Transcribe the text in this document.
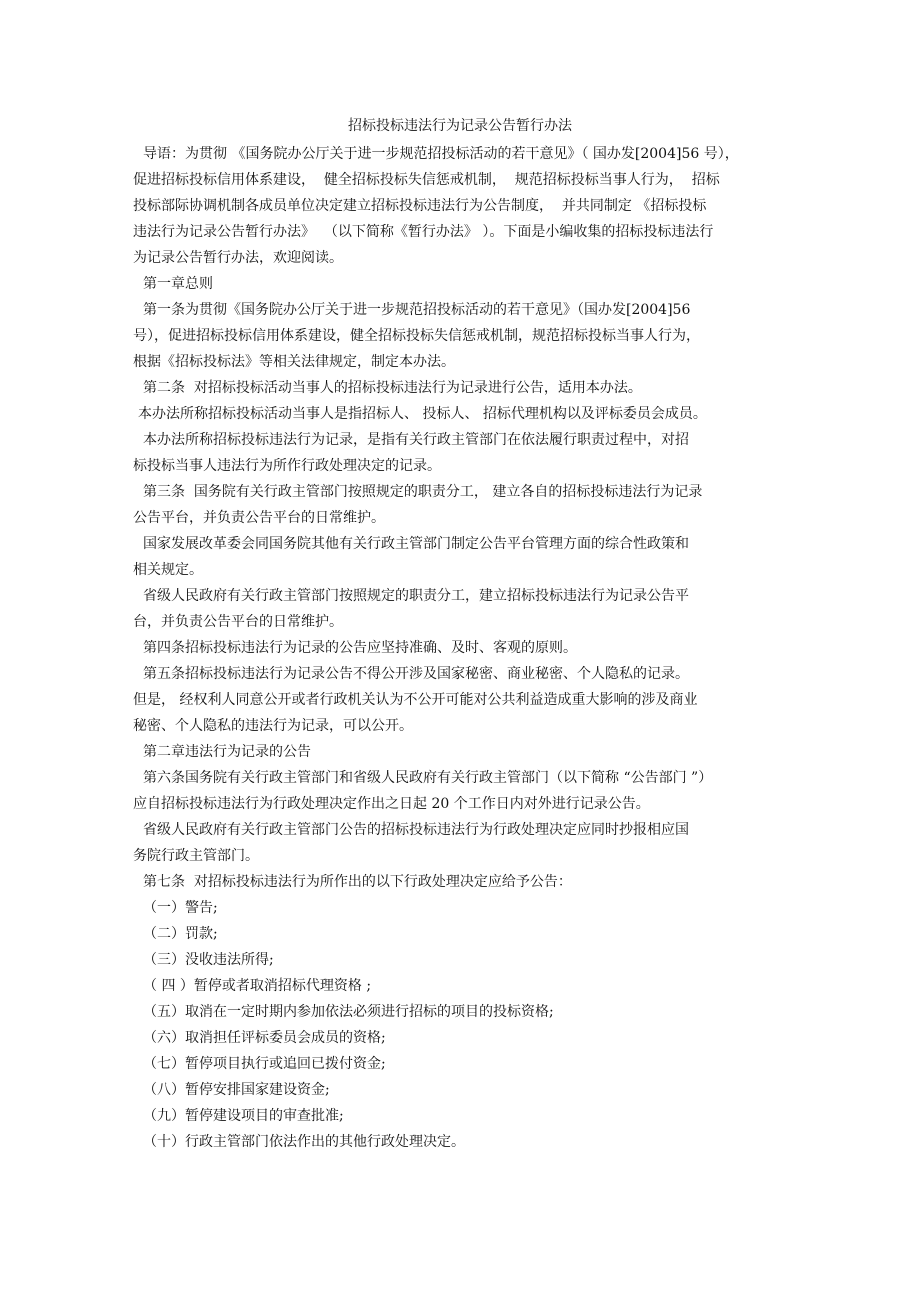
招标投标违法行为记录公告暂行办法
导语：为贯彻 《国务院办公厅关于进一步规范招投标活动的若干意见》（ 国办发[2004]56 号），
促进招标投标信用体系建设，  健全招标投标失信惩戒机制，  规范招标投标当事人行为，  招标
投标部际协调机制各成员单位决定建立招标投标违法行为公告制度，  并共同制定 《招标投标
违法行为记录公告暂行办法》  （以下简称《暂行办法》 ）。下面是小编收集的招标投标违法行
为记录公告暂行办法，欢迎阅读。
第一章总则
第一条为贯彻《国务院办公厅关于进一步规范招投标活动的若干意见》（国办发[2004]56
号），促进招标投标信用体系建设，健全招标投标失信惩戒机制，规范招标投标当事人行为，
根据《招标投标法》等相关法律规定，制定本办法。
第二条  对招标投标活动当事人的招标投标违法行为记录进行公告，适用本办法。
本办法所称招标投标活动当事人是指招标人、 投标人、 招标代理机构以及评标委员会成员。
本办法所称招标投标违法行为记录，是指有关行政主管部门在依法履行职责过程中，对招
标投标当事人违法行为所作行政处理决定的记录。
第三条  国务院有关行政主管部门按照规定的职责分工， 建立各自的招标投标违法行为记录
公告平台，并负责公告平台的日常维护。
国家发展改革委会同国务院其他有关行政主管部门制定公告平台管理方面的综合性政策和
相关规定。
省级人民政府有关行政主管部门按照规定的职责分工，建立招标投标违法行为记录公告平
台，并负责公告平台的日常维护。
第四条招标投标违法行为记录的公告应坚持准确、及时、客观的原则。
第五条招标投标违法行为记录公告不得公开涉及国家秘密、商业秘密、个人隐私的记录。
但是， 经权利人同意公开或者行政机关认为不公开可能对公共利益造成重大影响的涉及商业
秘密、个人隐私的违法行为记录，可以公开。
第二章违法行为记录的公告
第六条国务院有关行政主管部门和省级人民政府有关行政主管部门（以下简称 “公告部门 ”）
应自招标投标违法行为行政处理决定作出之日起 20 个工作日内对外进行记录公告。
省级人民政府有关行政主管部门公告的招标投标违法行为行政处理决定应同时抄报相应国
务院行政主管部门。
第七条  对招标投标违法行为所作出的以下行政处理决定应给予公告：
（一）警告;
（二）罚款;
（三）没收违法所得;
（ 四 ）暂停或者取消招标代理资格 ;
（五）取消在一定时期内参加依法必须进行招标的项目的投标资格;
（六）取消担任评标委员会成员的资格;
（七）暂停项目执行或追回已拨付资金;
（八）暂停安排国家建设资金;
（九）暂停建设项目的审查批准;
（十）行政主管部门依法作出的其他行政处理决定。
